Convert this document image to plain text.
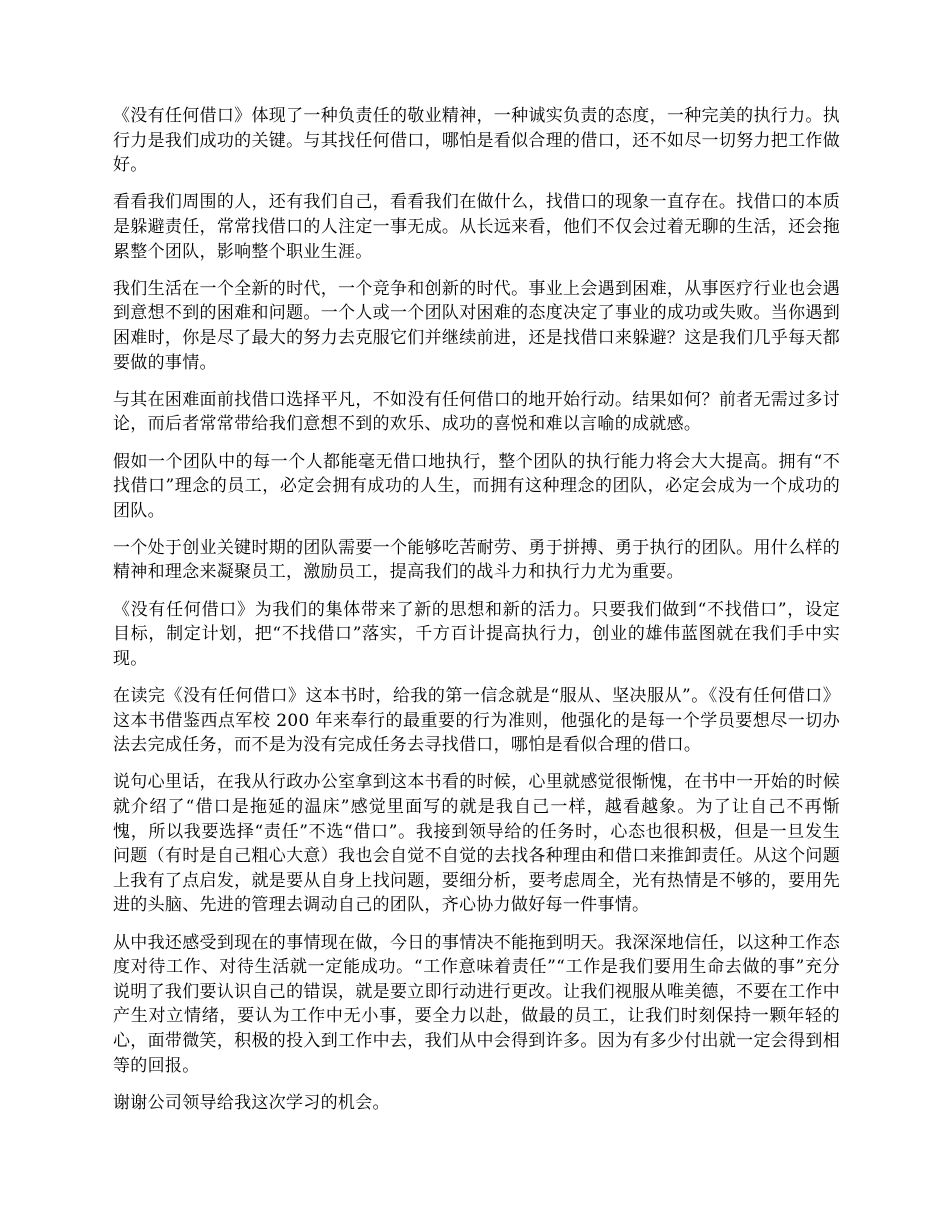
《没有任何借口》体现了一种负责任的敬业精神，一种诚实负责的态度，一种完美的执行力。执行力是我们成功的关键。与其找任何借口，哪怕是看似合理的借口，还不如尽一切努力把工作做好。

看看我们周围的人，还有我们自己，看看我们在做什么，找借口的现象一直存在。找借口的本质是躲避责任，常常找借口的人注定一事无成。从长远来看，他们不仅会过着无聊的生活，还会拖累整个团队，影响整个职业生涯。

我们生活在一个全新的时代，一个竞争和创新的时代。事业上会遇到困难，从事医疗行业也会遇到意想不到的困难和问题。一个人或一个团队对困难的态度决定了事业的成功或失败。当你遇到困难时，你是尽了最大的努力去克服它们并继续前进，还是找借口来躲避？这是我们几乎每天都要做的事情。

与其在困难面前找借口选择平凡，不如没有任何借口的地开始行动。结果如何？前者无需过多讨论，而后者常常带给我们意想不到的欢乐、成功的喜悦和难以言喻的成就感。

假如一个团队中的每一个人都能毫无借口地执行，整个团队的执行能力将会大大提高。拥有“不找借口”理念的员工，必定会拥有成功的人生，而拥有这种理念的团队，必定会成为一个成功的团队。

一个处于创业关键时期的团队需要一个能够吃苦耐劳、勇于拼搏、勇于执行的团队。用什么样的精神和理念来凝聚员工，激励员工，提高我们的战斗力和执行力尤为重要。

《没有任何借口》为我们的集体带来了新的思想和新的活力。只要我们做到“不找借口”，设定目标，制定计划，把“不找借口”落实，千方百计提高执行力，创业的雄伟蓝图就在我们手中实现。

在读完《没有任何借口》这本书时，给我的第一信念就是“服从、坚决服从”。《没有任何借口》这本书借鉴西点军校 200 年来奉行的最重要的行为准则，他强化的是每一个学员要想尽一切办法去完成任务，而不是为没有完成任务去寻找借口，哪怕是看似合理的借口。

说句心里话，在我从行政办公室拿到这本书看的时候，心里就感觉很惭愧，在书中一开始的时候就介绍了“借口是拖延的温床”感觉里面写的就是我自己一样，越看越象。为了让自己不再惭愧，所以我要选择“责任”不选“借口”。我接到领导给的任务时，心态也很积极，但是一旦发生问题（有时是自己粗心大意）我也会自觉不自觉的去找各种理由和借口来推卸责任。从这个问题上我有了点启发，就是要从自身上找问题，要细分析，要考虑周全，光有热情是不够的，要用先进的头脑、先进的管理去调动自己的团队，齐心协力做好每一件事情。

从中我还感受到现在的事情现在做，今日的事情决不能拖到明天。我深深地信任，以这种工作态度对待工作、对待生活就一定能成功。“工作意味着责任”“工作是我们要用生命去做的事”充分说明了我们要认识自己的错误，就是要立即行动进行更改。让我们视服从唯美德，不要在工作中产生对立情绪，要认为工作中无小事，要全力以赴，做最的员工，让我们时刻保持一颗年轻的心，面带微笑，积极的投入到工作中去，我们从中会得到许多。因为有多少付出就一定会得到相等的回报。

谢谢公司领导给我这次学习的机会。
